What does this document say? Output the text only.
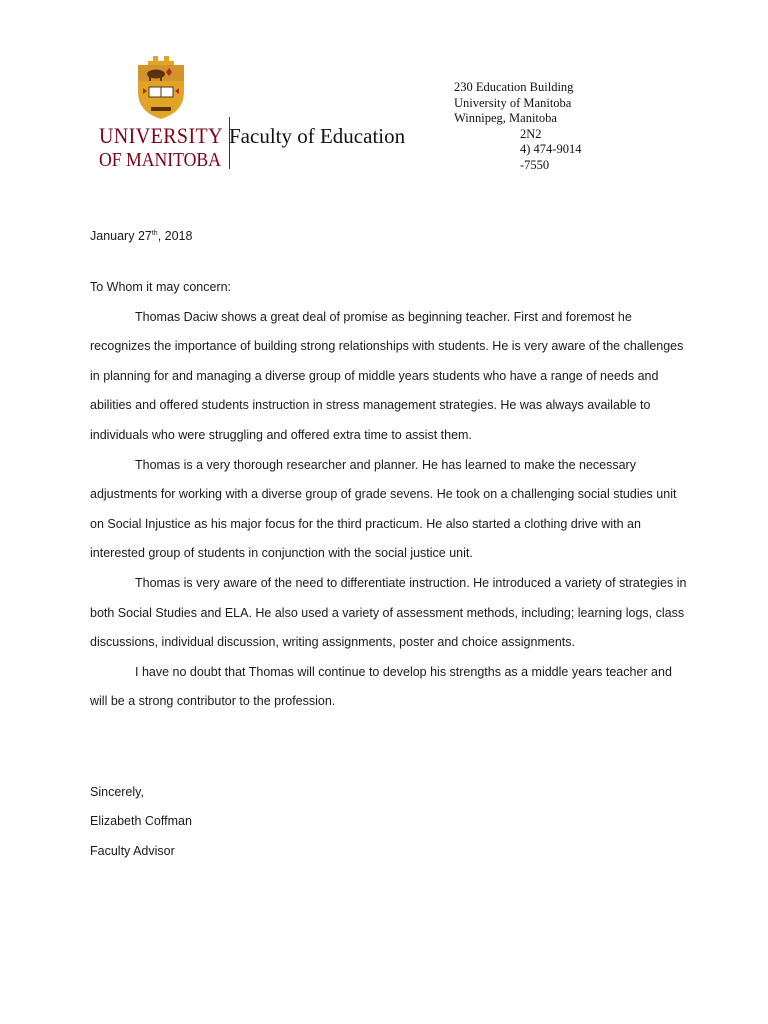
UNIVERSITY
OF MANITOBA
Faculty of Education
230 Education Building
University of Manitoba
Winnipeg, Manitoba
2N2
4) 474-9014
-7550
January 27th, 2018

To Whom it may concern:

Thomas Daciw shows a great deal of promise as beginning teacher. First and foremost he recognizes the importance of building strong relationships with students. He is very aware of the challenges in planning for and managing a diverse group of middle years students who have a range of needs and abilities and offered students instruction in stress management strategies. He was always available to individuals who were struggling and offered extra time to assist them.

Thomas is a very thorough researcher and planner. He has learned to make the necessary adjustments for working with a diverse group of grade sevens. He took on a challenging social studies unit on Social Injustice as his major focus for the third practicum. He also started a clothing drive with an interested group of students in conjunction with the social justice unit.

Thomas is very aware of the need to differentiate instruction. He introduced a variety of strategies in both Social Studies and ELA. He also used a variety of assessment methods, including; learning logs, class discussions, individual discussion, writing assignments, poster and choice assignments.

I have no doubt that Thomas will continue to develop his strengths as a middle years teacher and will be a strong contributor to the profession.

Sincerely,
Elizabeth Coffman
Faculty Advisor
